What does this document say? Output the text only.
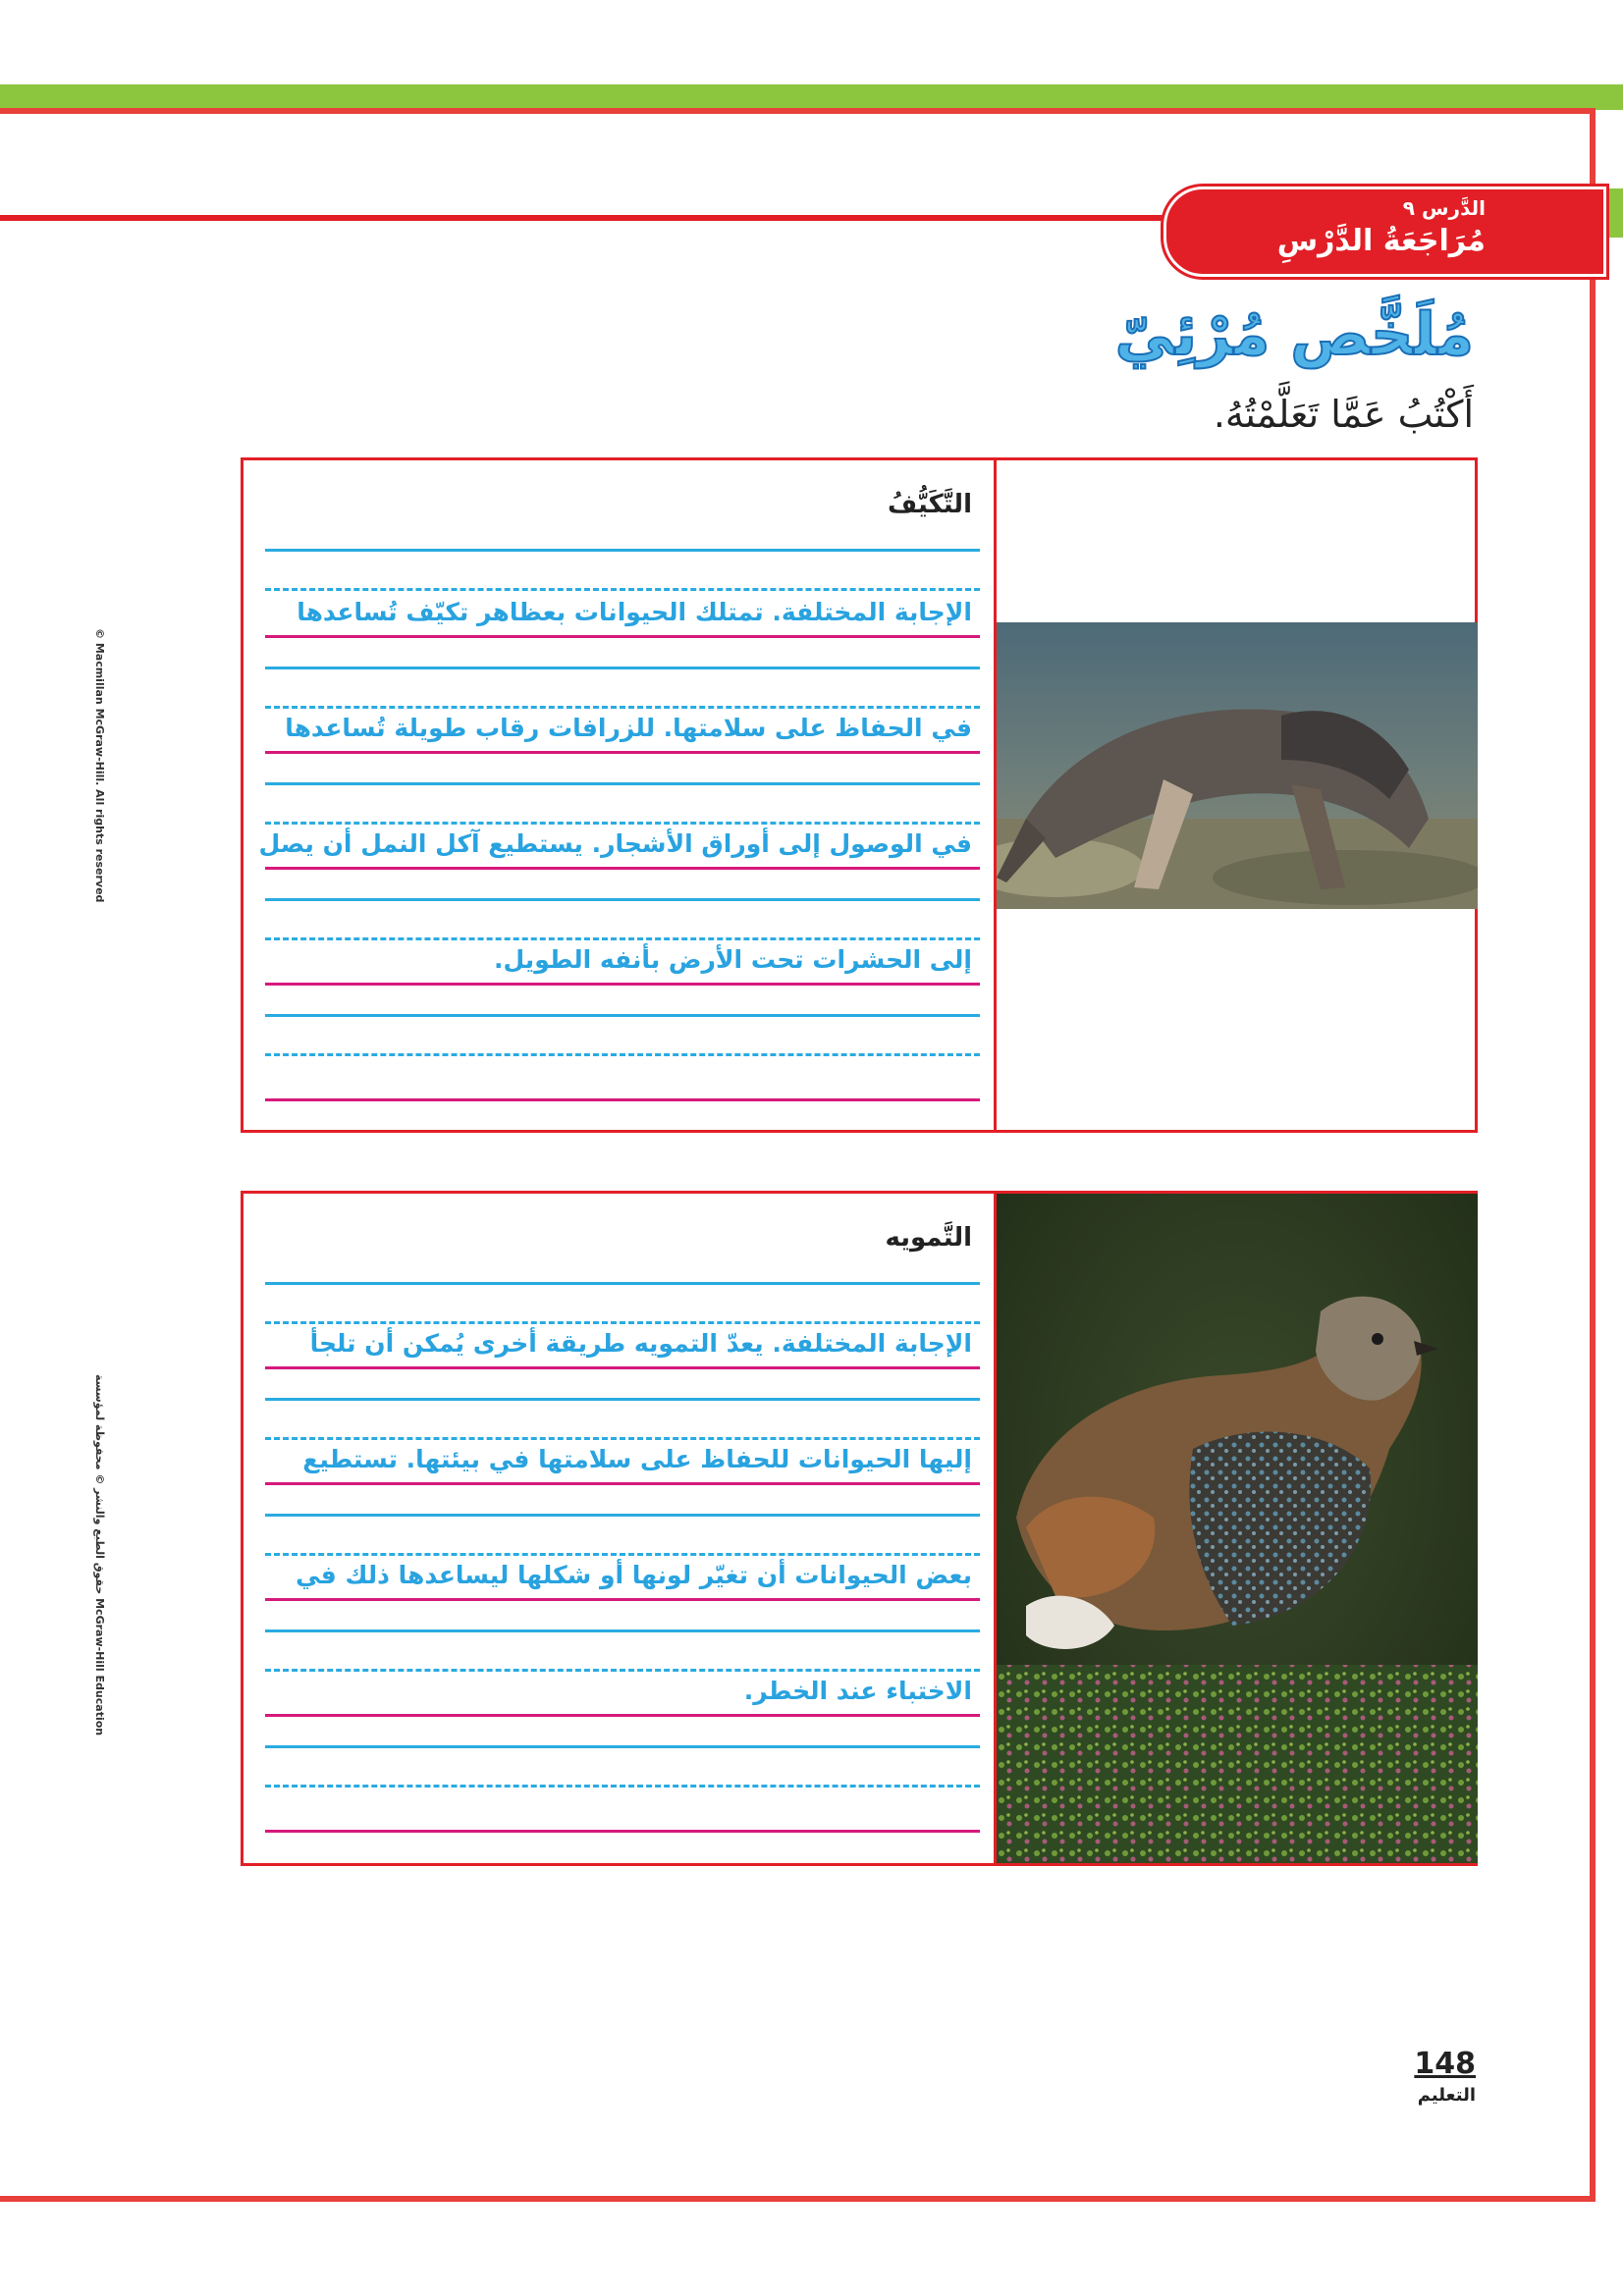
الدَّرس ٩
مُرَاجَعَةُ الدَّرْسِ
مُلَخَّص مُرْئِيّ
أَكْتُبُ عَمَّا تَعَلَّمْتُهُ.
التَّكَيُّفُ
الإجابة المختلفة. تمتلك الحيوانات بعظاهر تكيّف تُساعدها
في الحفاظ على سلامتها. للزرافات رقاب طويلة تُساعدها
في الوصول إلى أوراق الأشجار. يستطيع آكل النمل أن يصل
إلى الحشرات تحت الأرض بأنفه الطويل.
التَّمويه
الإجابة المختلفة. يعدّ التمويه طريقة أخرى يُمكن أن تلجأ
إليها الحيوانات للحفاظ على سلامتها في بيئتها. تستطيع
بعض الحيوانات أن تغيّر لونها أو شكلها ليساعدها ذلك في
الاختباء عند الخطر.
© Macmillan McGraw-Hill. All rights reserved
حقوق الطبع والنشر © محفوظة لمؤسسة McGraw-Hill Education
148
التعليم
